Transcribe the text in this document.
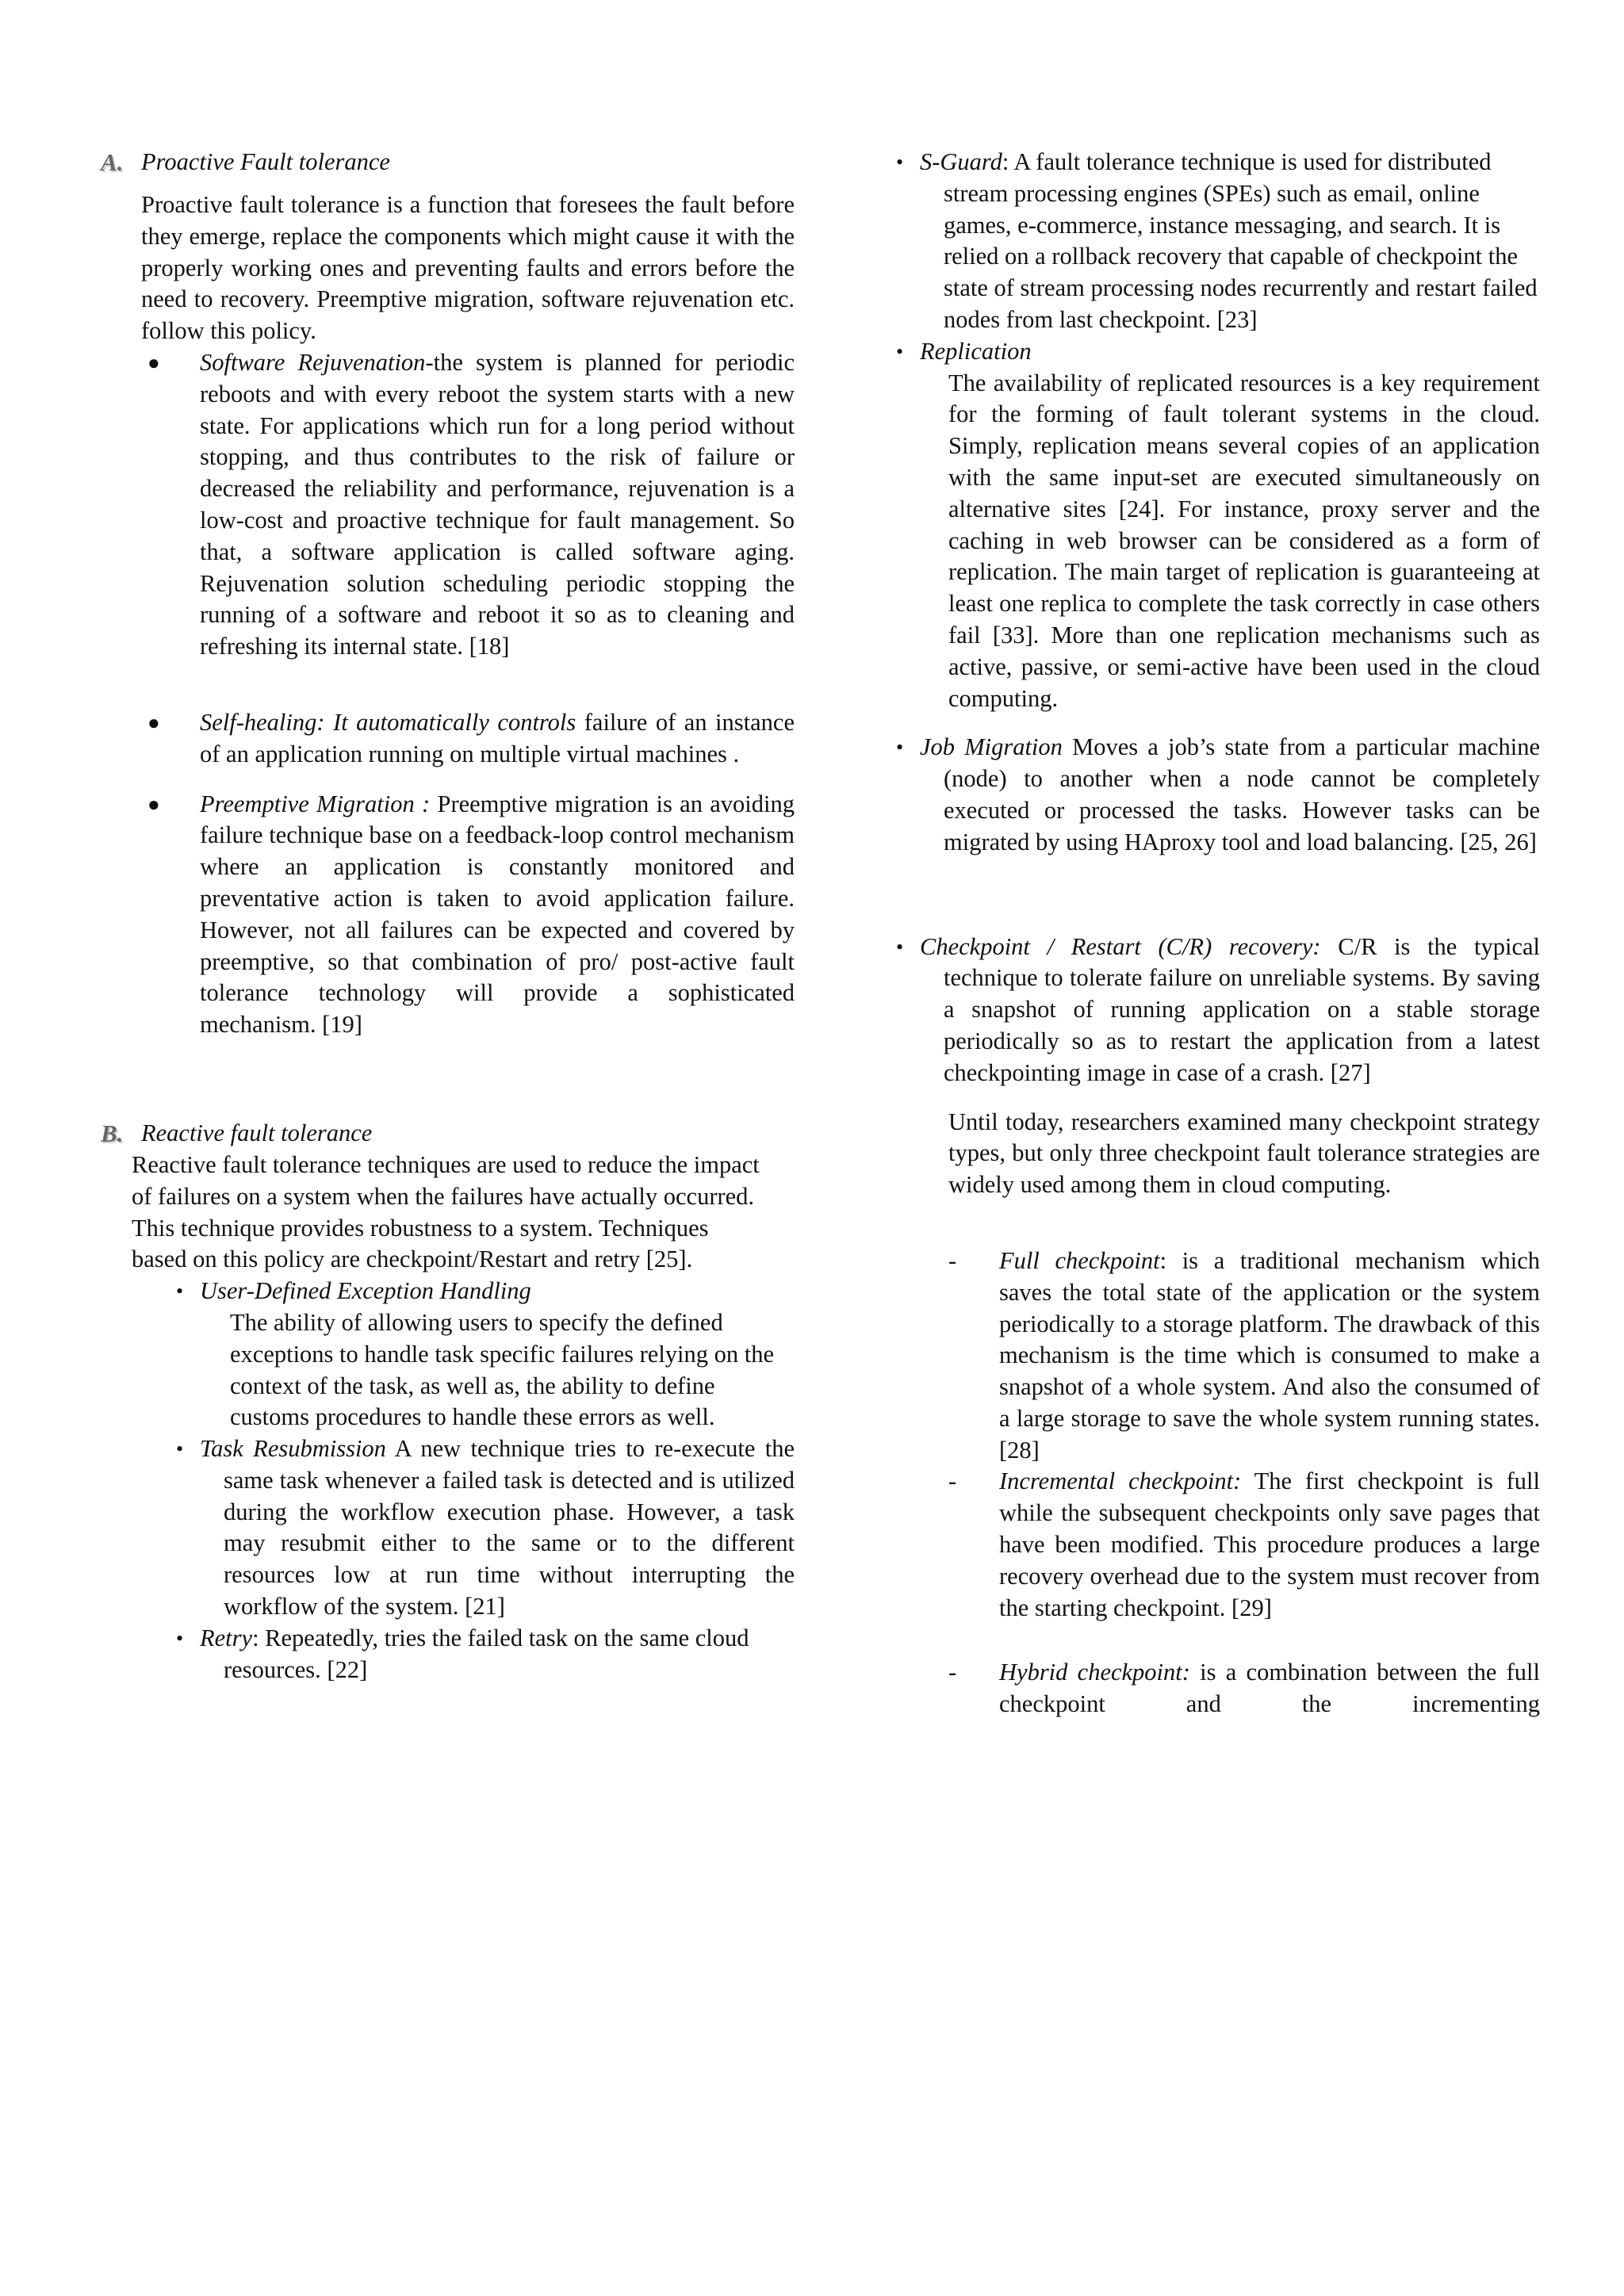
A. Proactive Fault tolerance

Proactive fault tolerance is a function that foresees the fault before they emerge, replace the components which might cause it with the properly working ones and preventing faults and errors before the need to recovery. Preemptive migration, software rejuvenation etc. follow this policy.

● Software Rejuvenation-the system is planned for periodic reboots and with every reboot the system starts with a new state. For applications which run for a long period without stopping, and thus contributes to the risk of failure or decreased the reliability and performance, rejuvenation is a low-cost and proactive technique for fault management. So that, a software application is called software aging. Rejuvenation solution scheduling periodic stopping the running of a software and reboot it so as to cleaning and refreshing its internal state. [18]
● Self-healing: It automatically controls failure of an instance of an application running on multiple virtual machines .
● Preemptive Migration : Preemptive migration is an avoiding failure technique base on a feedback-loop control mechanism where an application is constantly monitored and preventative action is taken to avoid application failure. However, not all failures can be expected and covered by preemptive, so that combination of pro/ post-active fault tolerance technology will provide a sophisticated mechanism. [19]
B. Reactive fault tolerance

Reactive fault tolerance techniques are used to reduce the impact of failures on a system when the failures have actually occurred. This technique provides robustness to a system. Techniques based on this policy are checkpoint/Restart and retry [25].

• User-Defined Exception Handling

The ability of allowing users to specify the defined exceptions to handle task specific failures relying on the context of the task, as well as, the ability to define customs procedures to handle these errors as well.

• Task Resubmission A new technique tries to re-execute the same task whenever a failed task is detected and is utilized during the workflow execution phase. However, a task may resubmit either to the same or to the different resources low at run time without interrupting the workflow of the system. [21]
• Retry: Repeatedly, tries the failed task on the same cloud resources. [22]
• S-Guard: A fault tolerance technique is used for distributed stream processing engines (SPEs) such as email, online games, e-commerce, instance messaging, and search. It is relied on a rollback recovery that capable of checkpoint the state of stream processing nodes recurrently and restart failed nodes from last checkpoint. [23]
• Replication

The availability of replicated resources is a key requirement for the forming of fault tolerant systems in the cloud. Simply, replication means several copies of an application with the same input-set are executed simultaneously on alternative sites [24]. For instance, proxy server and the caching in web browser can be considered as a form of replication. The main target of replication is guaranteeing at least one replica to complete the task correctly in case others fail [33]. More than one replication mechanisms such as active, passive, or semi-active have been used in the cloud computing.

• Job Migration Moves a job’s state from a particular machine (node) to another when a node cannot be completely executed or processed the tasks. However tasks can be migrated by using HAproxy tool and load balancing. [25, 26]
• Checkpoint / Restart (C/R) recovery: C/R is the typical technique to tolerate failure on unreliable systems. By saving a snapshot of running application on a stable storage periodically so as to restart the application from a latest checkpointing image in case of a crash. [27]

Until today, researchers examined many checkpoint strategy types, but only three checkpoint fault tolerance strategies are widely used among them in cloud computing.

- Full checkpoint: is a traditional mechanism which saves the total state of the application or the system periodically to a storage platform. The drawback of this mechanism is the time which is consumed to make a snapshot of a whole system. And also the consumed of a large storage to save the whole system running states. [28]
- Incremental checkpoint: The first checkpoint is full while the subsequent checkpoints only save pages that have been modified. This procedure produces a large recovery overhead due to the system must recover from the starting checkpoint. [29]
- Hybrid checkpoint: is a combination between the full checkpoint and the incrementing
